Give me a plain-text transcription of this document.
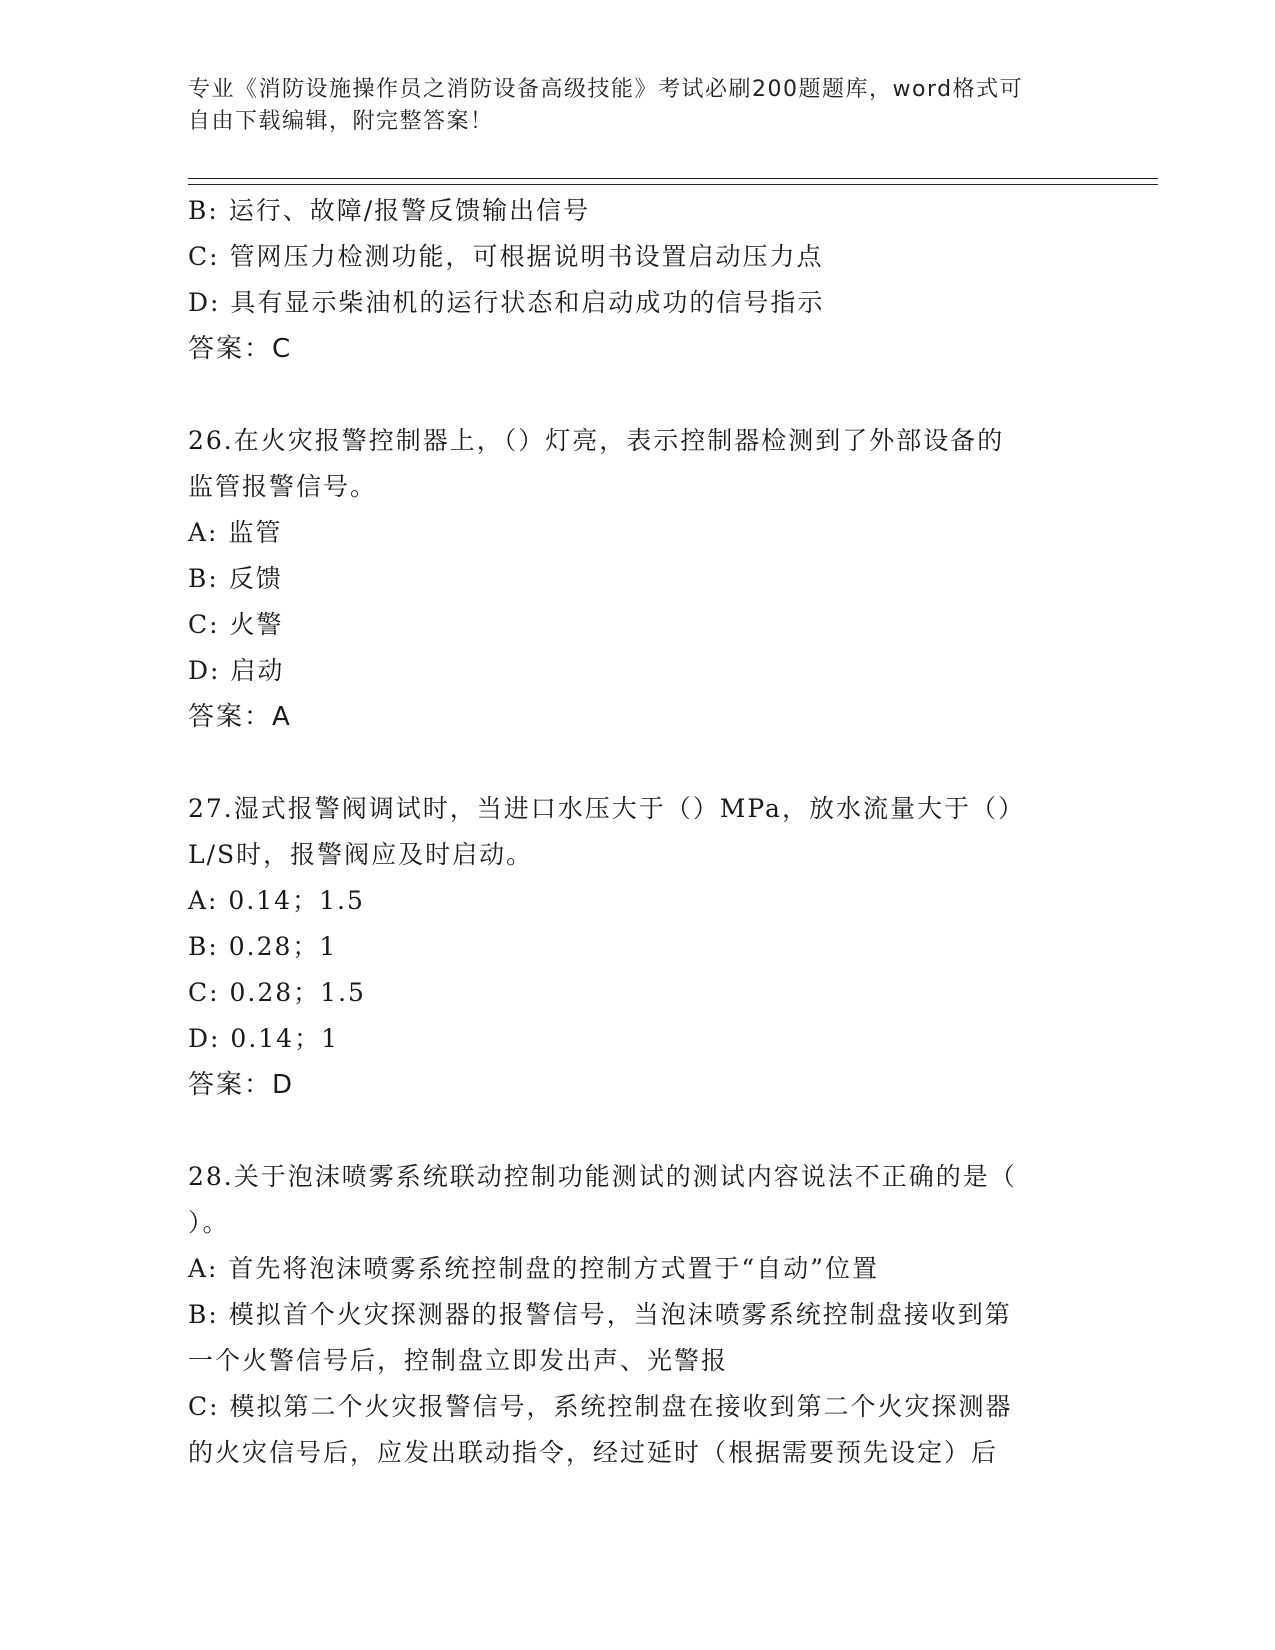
专业《消防设施操作员之消防设备高级技能》考试必刷200题题库，word格式可
自由下载编辑，附完整答案！
B: 运行、故障/报警反馈输出信号
C: 管网压力检测功能，可根据说明书设置启动压力点
D: 具有显示柴油机的运行状态和启动成功的信号指示
答案：C
26.在火灾报警控制器上，（）灯亮，表示控制器检测到了外部设备的
监管报警信号。
A: 监管
B: 反馈
C: 火警
D: 启动
答案：A
27.湿式报警阀调试时，当进口水压大于（）MPa，放水流量大于（）
L/S时，报警阀应及时启动。
A: 0.14；1.5
B: 0.28；1
C: 0.28；1.5
D: 0.14；1
答案：D
28.关于泡沫喷雾系统联动控制功能测试的测试内容说法不正确的是（
）。
A: 首先将泡沫喷雾系统控制盘的控制方式置于“自动”位置
B: 模拟首个火灾探测器的报警信号，当泡沫喷雾系统控制盘接收到第
一个火警信号后，控制盘立即发出声、光警报
C: 模拟第二个火灾报警信号，系统控制盘在接收到第二个火灾探测器
的火灾信号后，应发出联动指令，经过延时（根据需要预先设定）后
